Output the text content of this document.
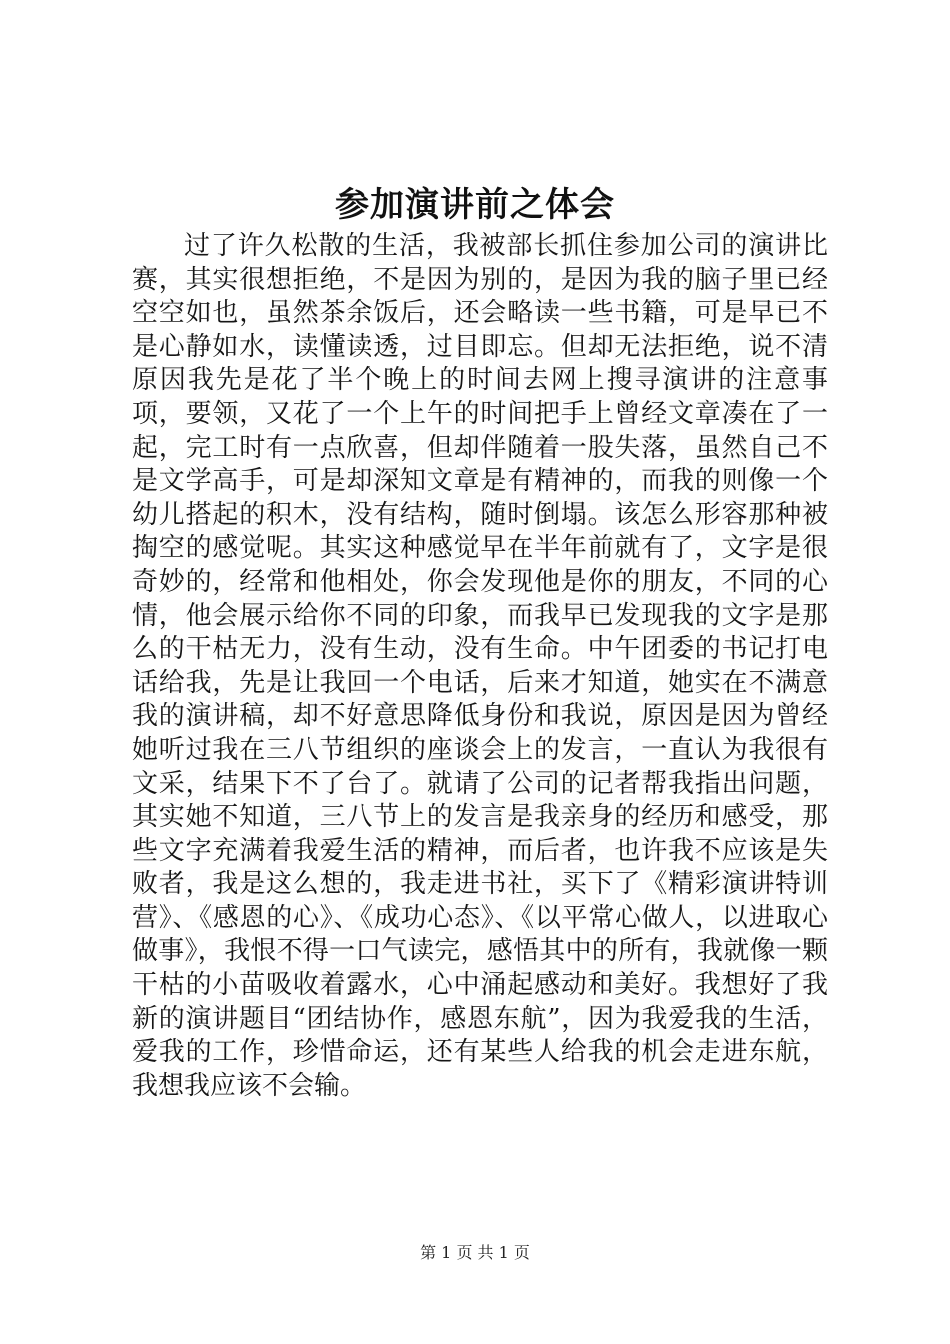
参加演讲前之体会
过了许久松散的生活，我被部长抓住参加公司的演讲比赛，其实很想拒绝，不是因为别的，是因为我的脑子里已经空空如也，虽然茶余饭后，还会略读一些书籍，可是早已不是心静如水，读懂读透，过目即忘。但却无法拒绝，说不清原因我先是花了半个晚上的时间去网上搜寻演讲的注意事项，要领，又花了一个上午的时间把手上曾经文章凑在了一起，完工时有一点欣喜，但却伴随着一股失落，虽然自己不是文学高手，可是却深知文章是有精神的，而我的则像一个幼儿搭起的积木，没有结构，随时倒塌。该怎么形容那种被掏空的感觉呢。其实这种感觉早在半年前就有了，文字是很奇妙的，经常和他相处，你会发现他是你的朋友，不同的心情，他会展示给你不同的印象，而我早已发现我的文字是那么的干枯无力，没有生动，没有生命。中午团委的书记打电话给我，先是让我回一个电话，后来才知道，她实在不满意我的演讲稿，却不好意思降低身份和我说，原因是因为曾经她听过我在三八节组织的座谈会上的发言，一直认为我很有文采，结果下不了台了。就请了公司的记者帮我指出问题，其实她不知道，三八节上的发言是我亲身的经历和感受，那些文字充满着我爱生活的精神，而后者，也许我不应该是失败者，我是这么想的，我走进书社，买下了《精彩演讲特训营》、《感恩的心》、《成功心态》、《以平常心做人，以进取心做事》，我恨不得一口气读完，感悟其中的所有，我就像一颗干枯的小苗吸收着露水，心中涌起感动和美好。我想好了我新的演讲题目“团结协作，感恩东航”，因为我爱我的生活，爱我的工作，珍惜命运，还有某些人给我的机会走进东航，我想我应该不会输。
第 1 页 共 1 页
